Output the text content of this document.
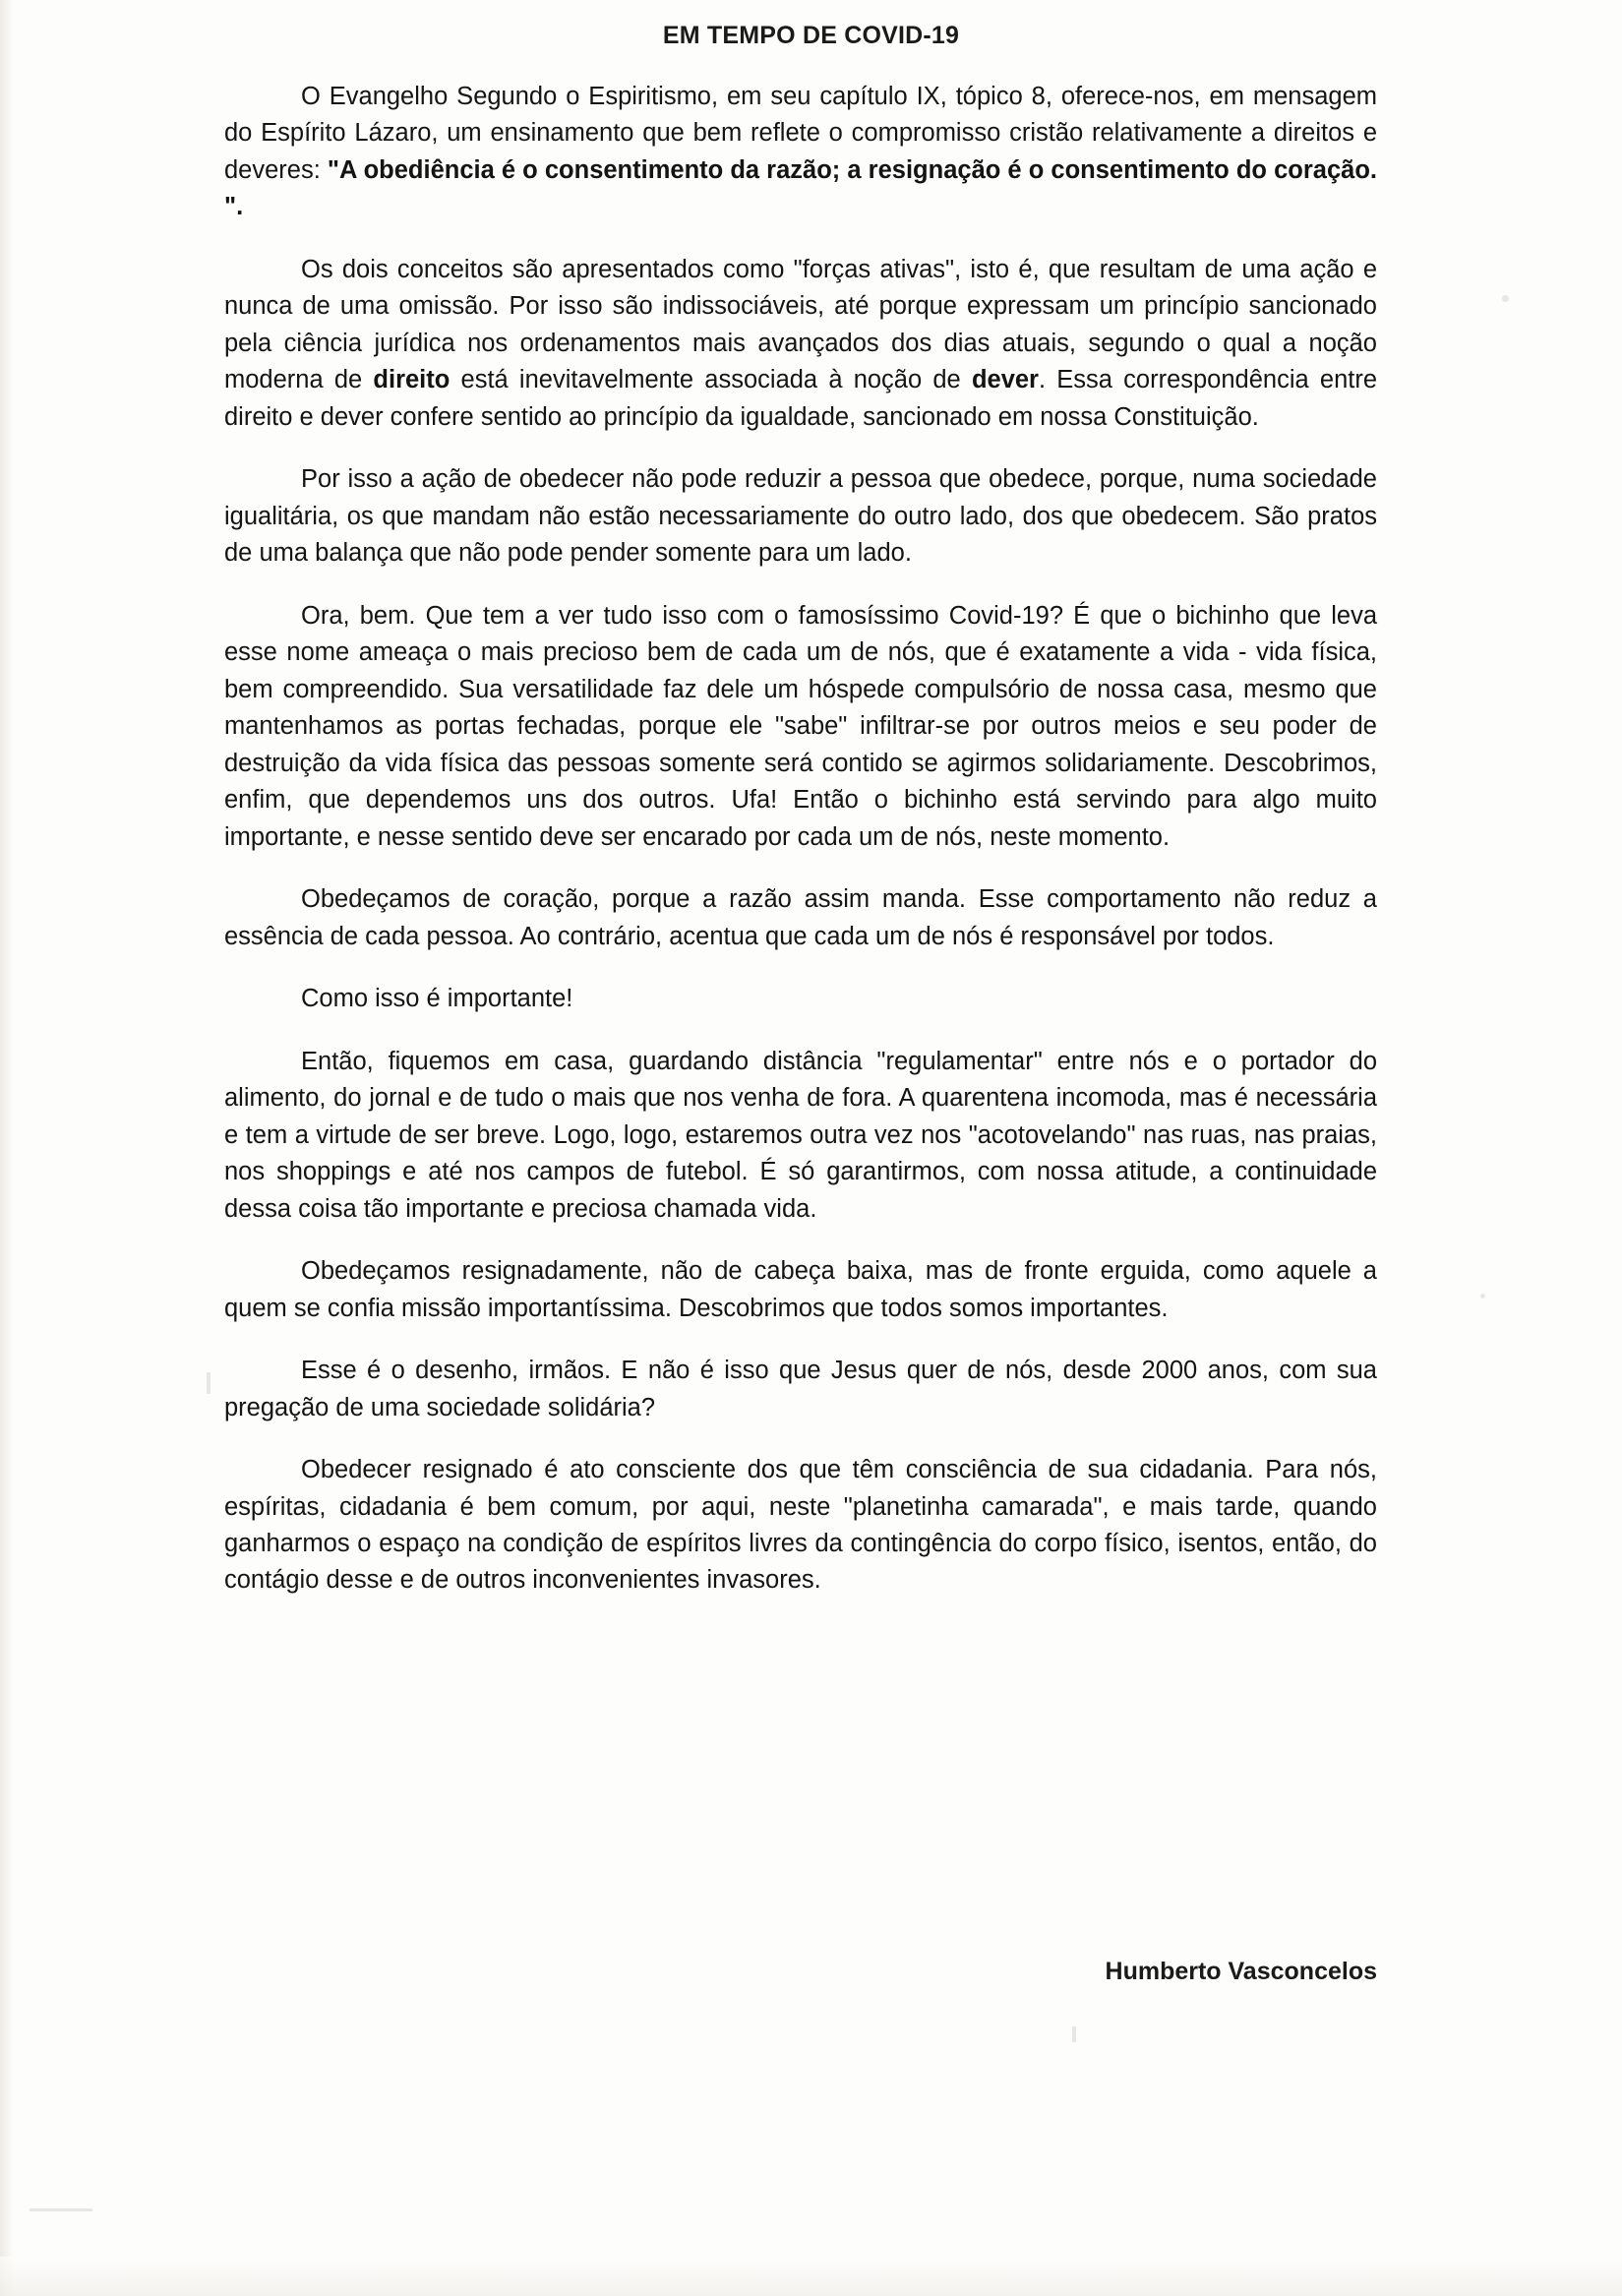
EM TEMPO DE COVID-19

O Evangelho Segundo o Espiritismo, em seu capítulo IX, tópico 8, oferece-nos, em mensagem do Espírito Lázaro, um ensinamento que bem reflete o compromisso cristão relativamente a direitos e deveres: "A obediência é o consentimento da razão; a resignação é o consentimento do coração. ".

Os dois conceitos são apresentados como "forças ativas", isto é, que resultam de uma ação e nunca de uma omissão. Por isso são indissociáveis, até porque expressam um princípio sancionado pela ciência jurídica nos ordenamentos mais avançados dos dias atuais, segundo o qual a noção moderna de direito está inevitavelmente associada à noção de dever. Essa correspondência entre direito e dever confere sentido ao princípio da igualdade, sancionado em nossa Constituição.

Por isso a ação de obedecer não pode reduzir a pessoa que obedece, porque, numa sociedade igualitária, os que mandam não estão necessariamente do outro lado, dos que obedecem. São pratos de uma balança que não pode pender somente para um lado.

Ora, bem. Que tem a ver tudo isso com o famosíssimo Covid-19? É que o bichinho que leva esse nome ameaça o mais precioso bem de cada um de nós, que é exatamente a vida - vida física, bem compreendido. Sua versatilidade faz dele um hóspede compulsório de nossa casa, mesmo que mantenhamos as portas fechadas, porque ele "sabe" infiltrar-se por outros meios e seu poder de destruição da vida física das pessoas somente será contido se agirmos solidariamente. Descobrimos, enfim, que dependemos uns dos outros. Ufa! Então o bichinho está servindo para algo muito importante, e nesse sentido deve ser encarado por cada um de nós, neste momento.

Obedeçamos de coração, porque a razão assim manda. Esse comportamento não reduz a essência de cada pessoa. Ao contrário, acentua que cada um de nós é responsável por todos.

Como isso é importante!

Então, fiquemos em casa, guardando distância "regulamentar" entre nós e o portador do alimento, do jornal e de tudo o mais que nos venha de fora. A quarentena incomoda, mas é necessária e tem a virtude de ser breve. Logo, logo, estaremos outra vez nos "acotovelando" nas ruas, nas praias, nos shoppings e até nos campos de futebol. É só garantirmos, com nossa atitude, a continuidade dessa coisa tão importante e preciosa chamada vida.

Obedeçamos resignadamente, não de cabeça baixa, mas de fronte erguida, como aquele a quem se confia missão importantíssima. Descobrimos que todos somos importantes.

Esse é o desenho, irmãos. E não é isso que Jesus quer de nós, desde 2000 anos, com sua pregação de uma sociedade solidária?

Obedecer resignado é ato consciente dos que têm consciência de sua cidadania. Para nós, espíritas, cidadania é bem comum, por aqui, neste "planetinha camarada", e mais tarde, quando ganharmos o espaço na condição de espíritos livres da contingência do corpo físico, isentos, então, do contágio desse e de outros inconvenientes invasores.

Humberto Vasconcelos
